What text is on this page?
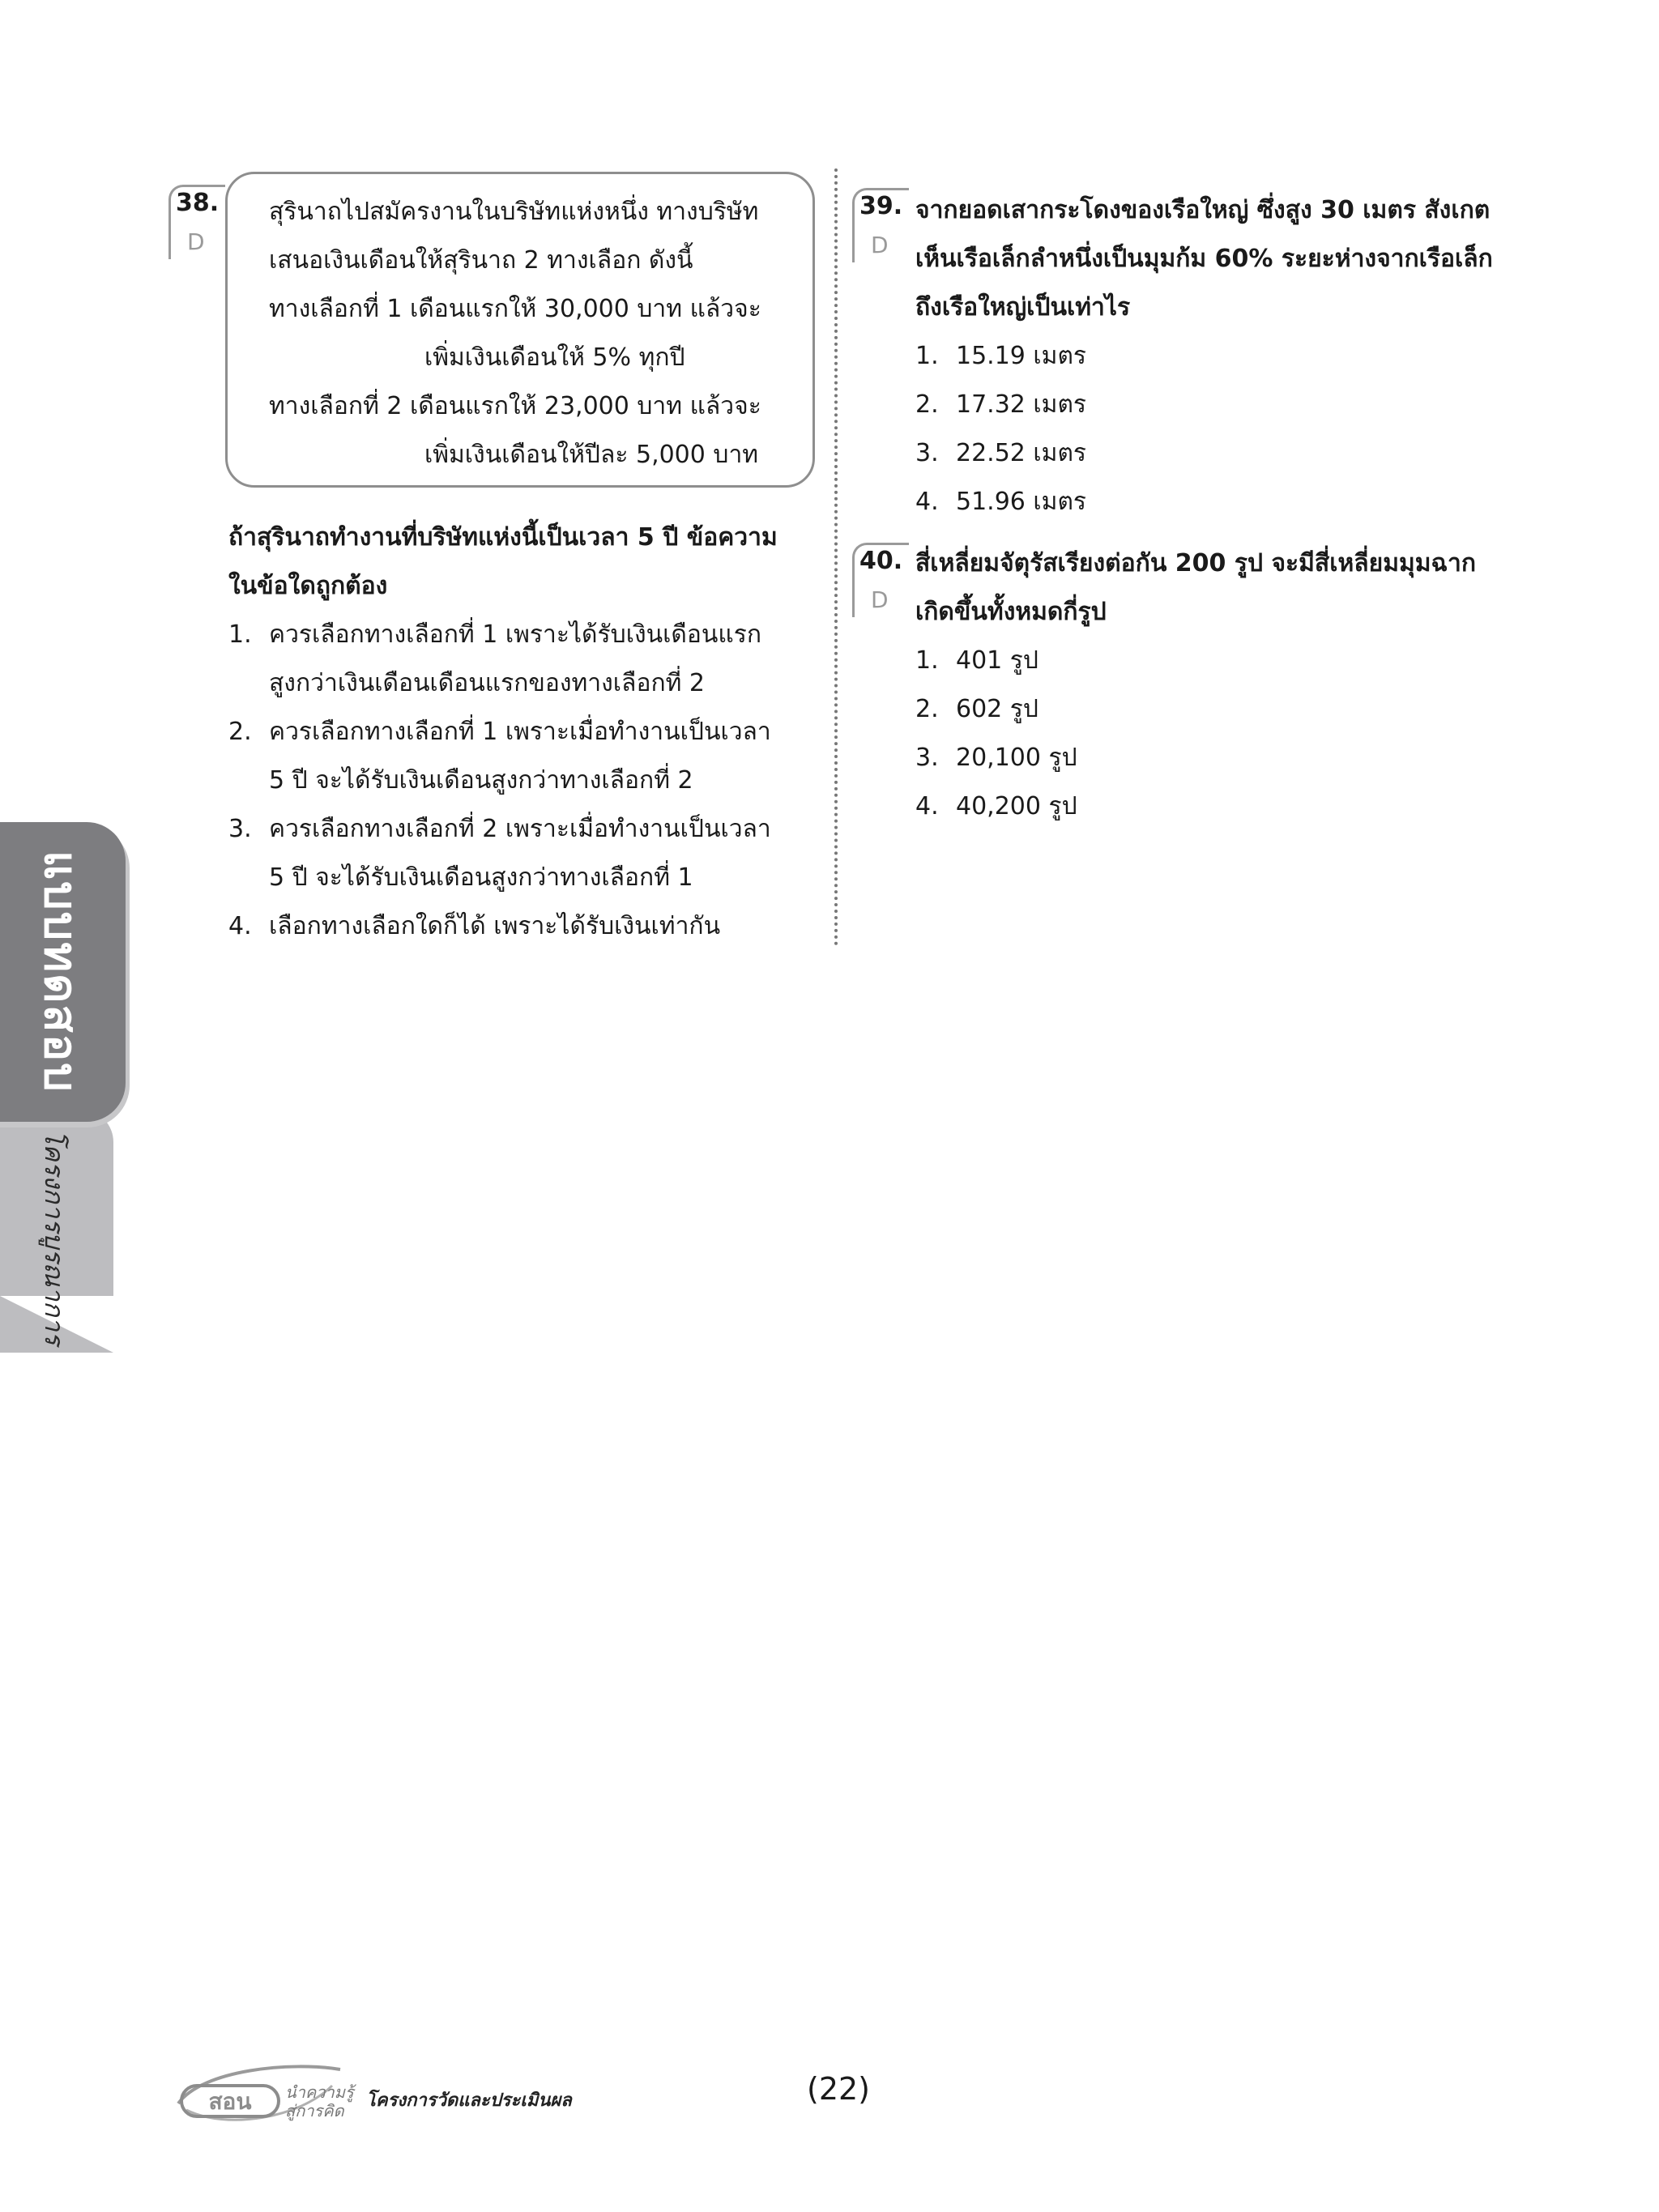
38.
D
สุรินาถไปสมัครงานในบริษัทแห่งหนึ่ง ทางบริษัท
เสนอเงินเดือนให้สุรินาถ 2 ทางเลือก ดังนี้
ทางเลือกที่ 1 เดือนแรกให้ 30,000 บาท แล้วจะ
เพิ่มเงินเดือนให้ 5% ทุกปี
ทางเลือกที่ 2 เดือนแรกให้ 23,000 บาท แล้วจะ
เพิ่มเงินเดือนให้ปีละ 5,000 บาท
ถ้าสุรินาถทำงานที่บริษัทแห่งนี้เป็นเวลา 5 ปี ข้อความ
ในข้อใดถูกต้อง
1. ควรเลือกทางเลือกที่ 1 เพราะได้รับเงินเดือนแรก
สูงกว่าเงินเดือนเดือนแรกของทางเลือกที่ 2
2. ควรเลือกทางเลือกที่ 1 เพราะเมื่อทำงานเป็นเวลา
5 ปี จะได้รับเงินเดือนสูงกว่าทางเลือกที่ 2
3. ควรเลือกทางเลือกที่ 2 เพราะเมื่อทำงานเป็นเวลา
5 ปี จะได้รับเงินเดือนสูงกว่าทางเลือกที่ 1
4. เลือกทางเลือกใดก็ได้ เพราะได้รับเงินเท่ากัน
39.
D
จากยอดเสากระโดงของเรือใหญ่ ซึ่งสูง 30 เมตร สังเกต
เห็นเรือเล็กลำหนึ่งเป็นมุมก้ม 60% ระยะห่างจากเรือเล็ก
ถึงเรือใหญ่เป็นเท่าไร
1. 15.19 เมตร
2. 17.32 เมตร
3. 22.52 เมตร
4. 51.96 เมตร
40.
D
สี่เหลี่ยมจัตุรัสเรียงต่อกัน 200 รูป จะมีสี่เหลี่ยมมุมฉาก
เกิดขึ้นทั้งหมดกี่รูป
1. 401 รูป
2. 602 รูป
3. 20,100 รูป
4. 40,200 รูป
แบบทดสอบ
โครงการบูรณาการ
สอน นำความรู้
สู่การคิด โครงการวัดและประเมินผล	(22)
